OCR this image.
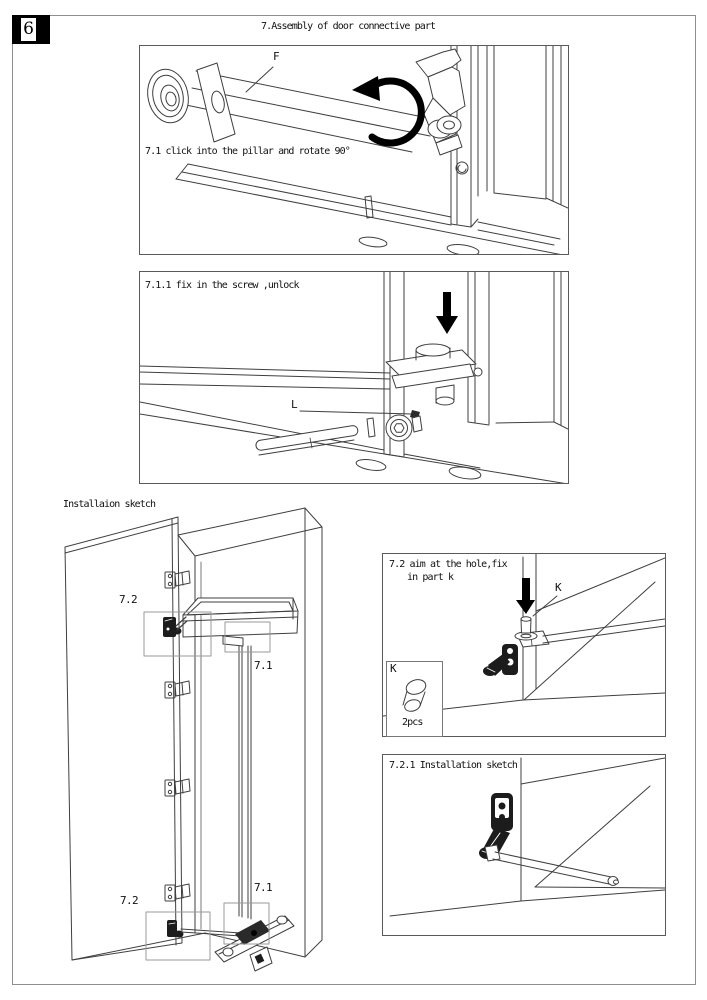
6	7.Assembly of door connective part
F
7.1 click into the pillar and rotate 90°
7.1.1 fix in the screw ,unlock
L
Installaion sketch
7.2
7.1
7.2
7.1
7.2 aim at the hole,fix
in part k
K
K
2pcs
7.2.1 Installation sketch
